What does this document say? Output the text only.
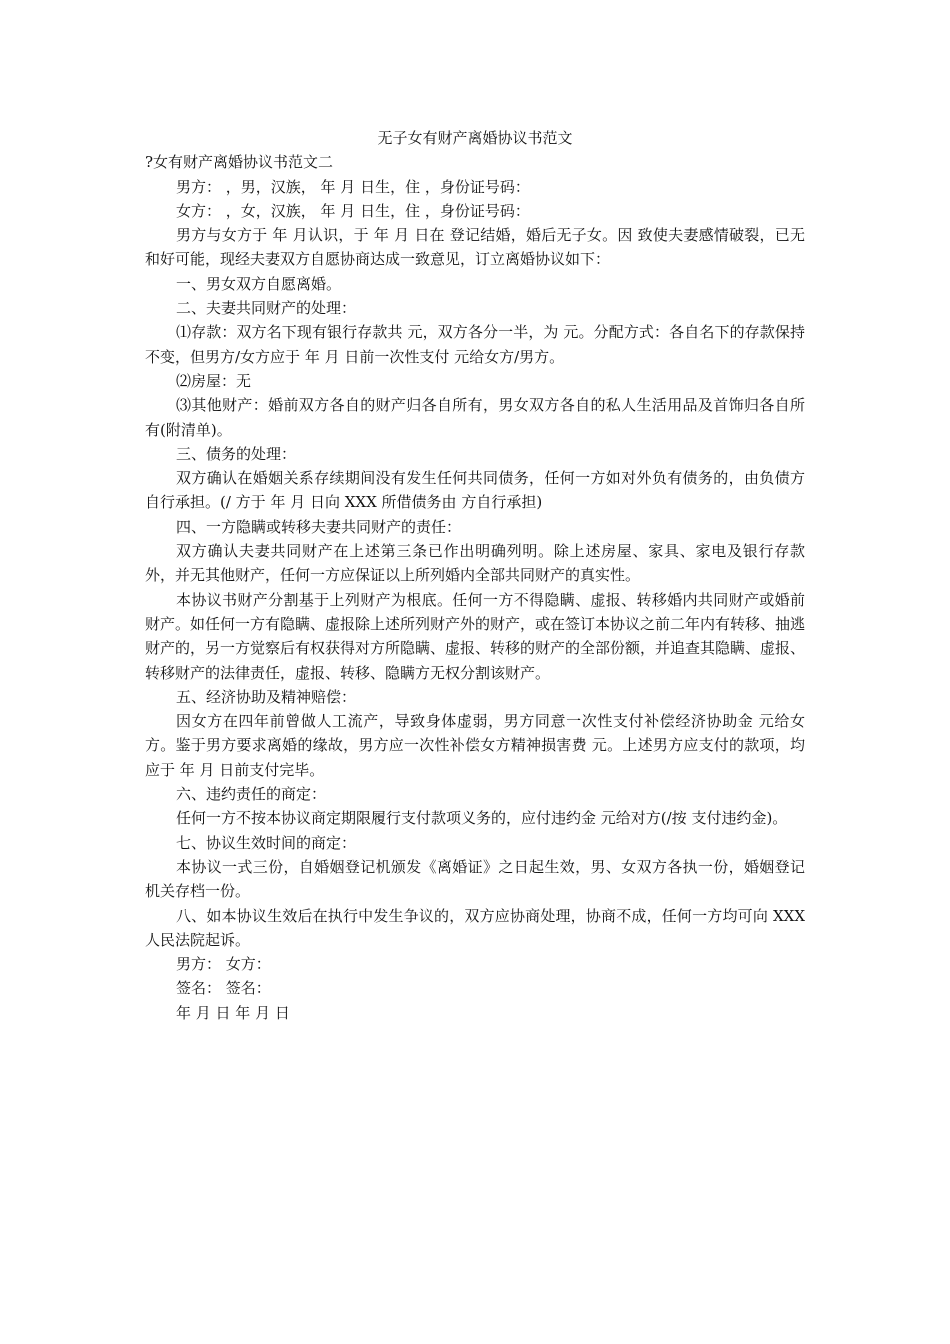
无子女有财产离婚协议书范文

?女有财产离婚协议书范文二

男方： ，男，汉族， 年 月 日生，住 ，身份证号码：

女方： ，女，汉族， 年 月 日生，住 ，身份证号码：

男方与女方于 年 月认识，于 年 月 日在 登记结婚，婚后无子女。因 致使夫妻感情破裂，已无和好可能，现经夫妻双方自愿协商达成一致意见，订立离婚协议如下：

一、男女双方自愿离婚。

二、夫妻共同财产的处理：

⑴存款：双方名下现有银行存款共 元，双方各分一半，为 元。分配方式：各自名下的存款保持不变，但男方/女方应于 年 月 日前一次性支付 元给女方/男方。

⑵房屋：无

⑶其他财产：婚前双方各自的财产归各自所有，男女双方各自的私人生活用品及首饰归各自所有(附清单)。

三、债务的处理：

双方确认在婚姻关系存续期间没有发生任何共同债务，任何一方如对外负有债务的，由负债方自行承担。(/ 方于 年 月 日向 XXX 所借债务由 方自行承担)

四、一方隐瞒或转移夫妻共同财产的责任：

双方确认夫妻共同财产在上述第三条已作出明确列明。除上述房屋、家具、家电及银行存款外，并无其他财产，任何一方应保证以上所列婚内全部共同财产的真实性。

本协议书财产分割基于上列财产为根底。任何一方不得隐瞒、虚报、转移婚内共同财产或婚前财产。如任何一方有隐瞒、虚报除上述所列财产外的财产，或在签订本协议之前二年内有转移、抽逃财产的，另一方觉察后有权获得对方所隐瞒、虚报、转移的财产的全部份额，并追查其隐瞒、虚报、转移财产的法律责任，虚报、转移、隐瞒方无权分割该财产。

五、经济协助及精神赔偿：

因女方在四年前曾做人工流产，导致身体虚弱，男方同意一次性支付补偿经济协助金 元给女方。鉴于男方要求离婚的缘故，男方应一次性补偿女方精神损害费 元。上述男方应支付的款项，均应于 年 月 日前支付完毕。

六、违约责任的商定：

任何一方不按本协议商定期限履行支付款项义务的，应付违约金 元给对方(/按 支付违约金)。

七、协议生效时间的商定：

本协议一式三份，自婚姻登记机颁发《离婚证》之日起生效，男、女双方各执一份，婚姻登记机关存档一份。

八、如本协议生效后在执行中发生争议的，双方应协商处理，协商不成，任何一方均可向 XXX 人民法院起诉。

男方： 女方：

签名： 签名：

年 月 日 年 月 日
